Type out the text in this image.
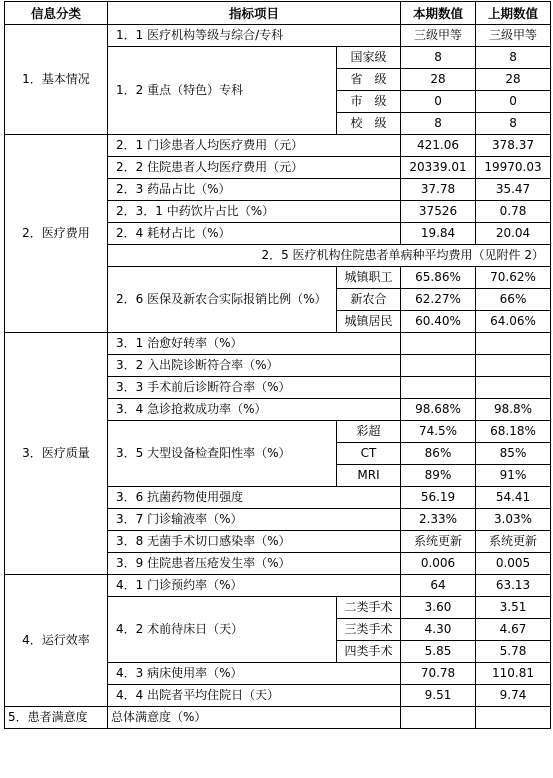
信息分类	指标项目		本期数值	上期数值
1．基本情况	1．1 医疗机构等级与综合/专科		三级甲等	三级甲等
	1．2 重点（特色）专科	国家级	8	8
		省　级	28	28
		市　级	0	0
		校　级	8	8
2．医疗费用	2．1 门诊患者人均医疗费用（元）		421.06	378.37
	2．2 住院患者人均医疗费用（元）		20339.01	19970.03
	2．3 药品占比（%）		37.78	35.47
	2．3．1 中药饮片占比（%）		37526	0.78
	2．4 耗材占比（%）		19.84	20.04
	2．5 医疗机构住院患者单病种平均费用（见附件 2）			
	2．6 医保及新农合实际报销比例（%）	城镇职工	65.86%	70.62%
		新农合	62.27%	66%
		城镇居民	60.40%	64.06%
3．医疗质量	3．1 治愈好转率（%）			
	3．2 入出院诊断符合率（%）			
	3．3 手术前后诊断符合率（%）			
	3．4 急诊抢救成功率（%）		98.68%	98.8%
	3．5 大型设备检查阳性率（%）	彩超	74.5%	68.18%
		CT	86%	85%
		MRI	89%	91%
	3．6 抗菌药物使用强度		56.19	54.41
	3．7 门诊输液率（%）		2.33%	3.03%
	3．8 无菌手术切口感染率（%）		系统更新	系统更新
	3．9 住院患者压疮发生率（%）		0.006	0.005
4．运行效率	4．1 门诊预约率（%）		64	63.13
	4．2 术前待床日（天）	二类手术	3.60	3.51
		三类手术	4.30	4.67
		四类手术	5.85	5.78
	4．3 病床使用率（%）		70.78	110.81
	4．4 出院者平均住院日（天）		9.51	9.74
5．患者满意度	总体满意度（%）			
